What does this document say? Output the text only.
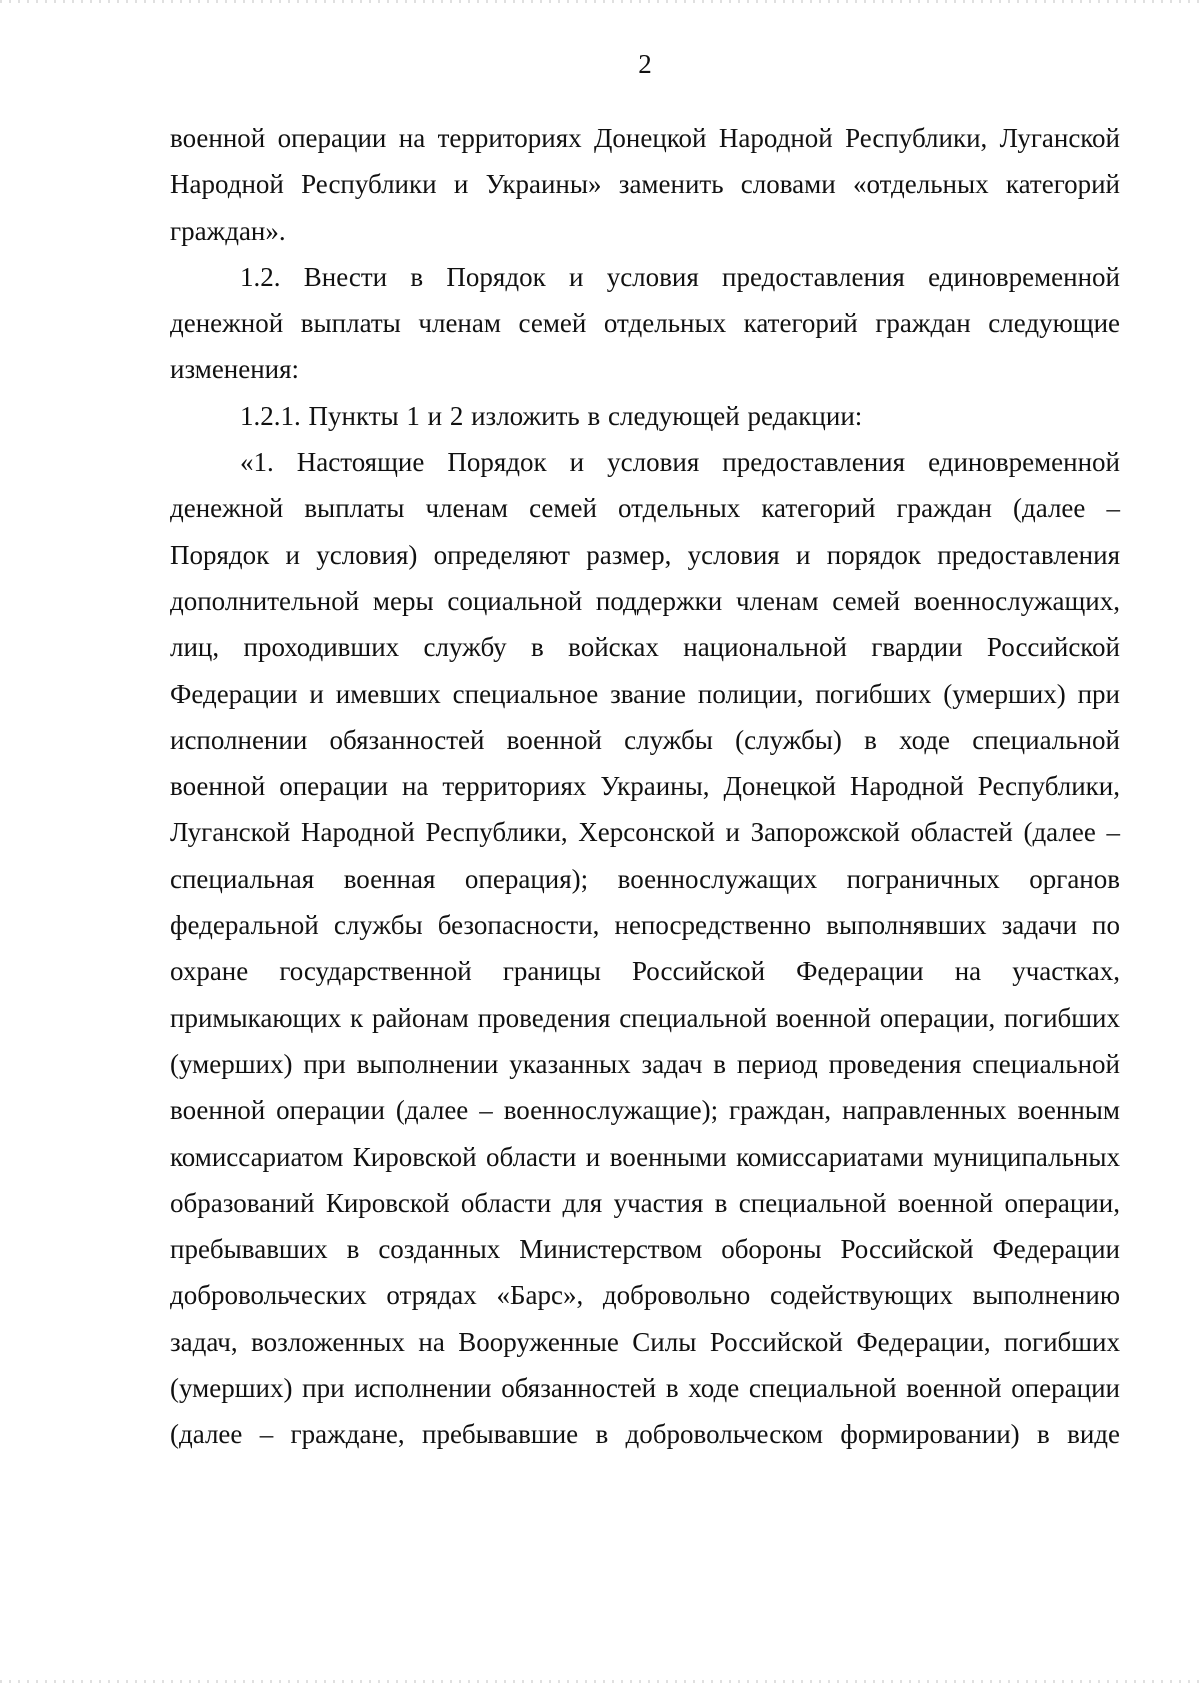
2

военной операции на территориях Донецкой Народной Республики, Луганской Народной Республики и Украины» заменить словами «отдельных категорий граждан».

1.2. Внести в Порядок и условия предоставления единовременной денежной выплаты членам семей отдельных категорий граждан следующие изменения:

1.2.1. Пункты 1 и 2 изложить в следующей редакции:

«1. Настоящие Порядок и условия предоставления единовременной денежной выплаты членам семей отдельных категорий граждан (далее – Порядок и условия) определяют размер, условия и порядок предоставления дополнительной меры социальной поддержки членам семей военнослужащих, лиц, проходивших службу в войсках национальной гвардии Российской Федерации и имевших специальное звание полиции, погибших (умерших) при исполнении обязанностей военной службы (службы) в ходе специальной военной операции на территориях Украины, Донецкой Народной Республики, Луганской Народной Республики, Херсонской и Запорожской областей (далее – специальная военная операция); военнослужащих пограничных органов федеральной службы безопасности, непосредственно выполнявших задачи по охране государственной границы Российской Федерации на участках, примыкающих к районам проведения специальной военной операции, погибших (умерших) при выполнении указанных задач в период проведения специальной военной операции (далее – военнослужащие); граждан, направленных военным комиссариатом Кировской области и военными комиссариатами муниципальных образований Кировской области для участия в специальной военной операции, пребывавших в созданных Министерством обороны Российской Федерации добровольческих отрядах «Барс», добровольно содействующих выполнению задач, возложенных на Вооруженные Силы Российской Федерации, погибших (умерших) при исполнении обязанностей в ходе специальной военной операции (далее – граждане, пребывавшие в добровольческом формировании) в виде
